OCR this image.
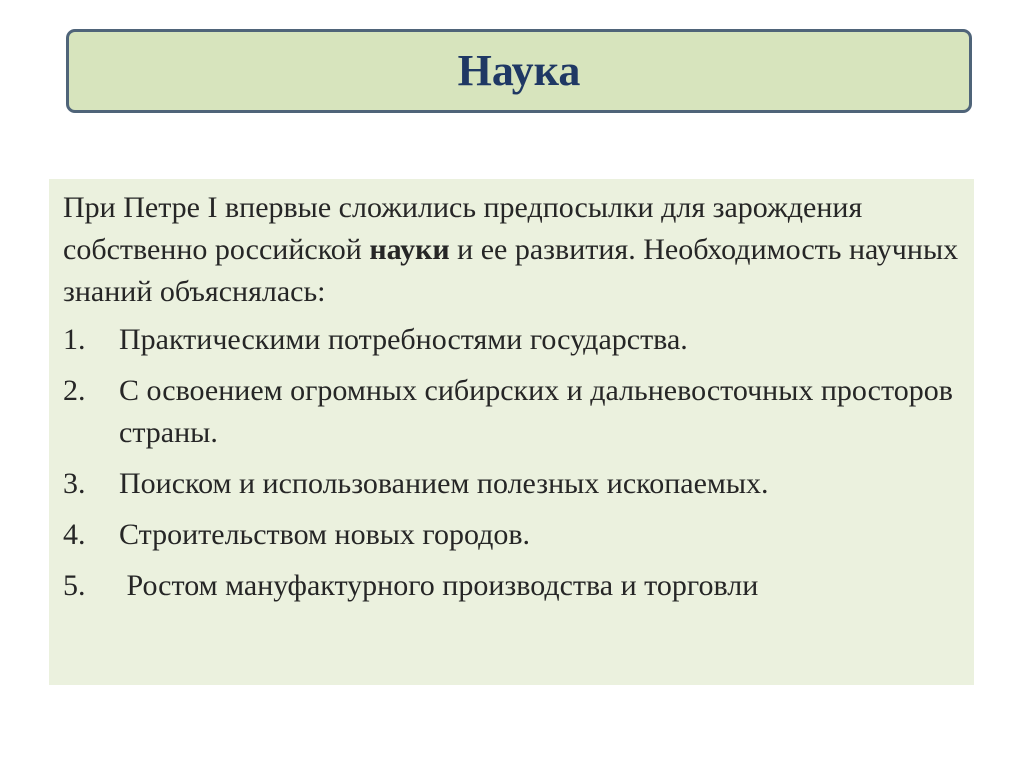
Наука

При Петре I впервые сложились предпосылки для зарождения собственно российской науки и ее развития. Необходимость научных знаний объяснялась:

1. Практическими потребностями государства.
2. С освоением огромных сибирских и дальневосточных просторов страны.
3. Поиском и использованием полезных ископаемых.
4. Строительством новых городов.
5. Ростом мануфактурного производства и торговли
